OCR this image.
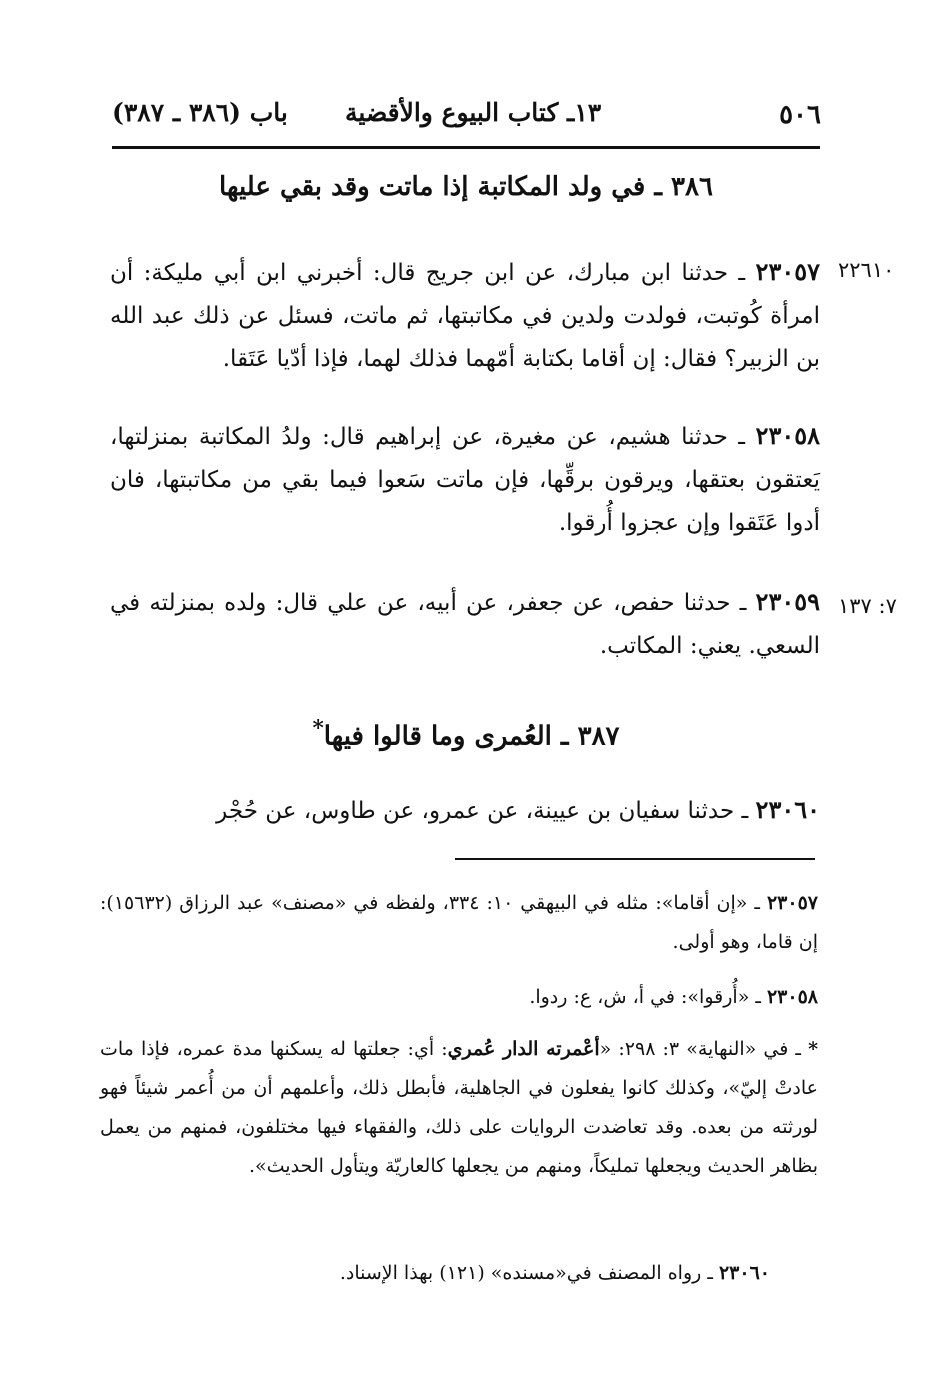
٥٠٦
١٣ـ كتاب البيوع والأقضية
باب (٣٨٦ ـ ٣٨٧)
٣٨٦ ـ في ولد المكاتبة إذا ماتت وقد بقي عليها
٢٢٦١٠
٢٣٠٥٧ ـ حدثنا ابن مبارك، عن ابن جريج قال: أخبرني ابن أبي مليكة: أن امرأة كُوتبت، فولدت ولدين في مكاتبتها، ثم ماتت، فسئل عن ذلك عبد الله بن الزبير؟ فقال: إن أقاما بكتابة أمّهما فذلك لهما، فإذا أدّيا عَتَقا.
٢٣٠٥٨ ـ حدثنا هشيم، عن مغيرة، عن إبراهيم قال: ولدُ المكاتبة بمنزلتها، يَعتقون بعتقها، ويرقون برقِّها، فإن ماتت سَعوا فيما بقي من مكاتبتها، فان أدوا عَتَقوا وإن عجزوا أُرقوا.
٧: ١٣٧
٢٣٠٥٩ ـ حدثنا حفص، عن جعفر، عن أبيه، عن علي قال: ولده بمنزلته في السعي. يعني: المكاتب.
٣٨٧ ـ العُمرى وما قالوا فيها*
٢٣٠٦٠ ـ حدثنا سفيان بن عيينة، عن عمرو، عن طاوس، عن حُجْر
٢٣٠٥٧ ـ «إن أقاما»: مثله في البيهقي ١٠: ٣٣٤، ولفظه في «مصنف» عبد الرزاق (١٥٦٣٢): إن قاما، وهو أولى.
٢٣٠٥٨ ـ «أُرقوا»: في أ، ش، ع: ردوا.
* ـ في «النهاية» ٣: ٢٩٨: «أعْمرته الدار عُمري: أي: جعلتها له يسكنها مدة عمره، فإذا مات عادتْ إليّ»، وكذلك كانوا يفعلون في الجاهلية، فأبطل ذلك، وأعلمهم أن من أُعمر شيئاً فهو لورثته من بعده. وقد تعاضدت الروايات على ذلك، والفقهاء فيها مختلفون، فمنهم من يعمل بظاهر الحديث ويجعلها تمليكاً، ومنهم من يجعلها كالعاريّة ويتأول الحديث».
٢٣٠٦٠ ـ رواه المصنف في«مسنده» (١٢١) بهذا الإسناد.
